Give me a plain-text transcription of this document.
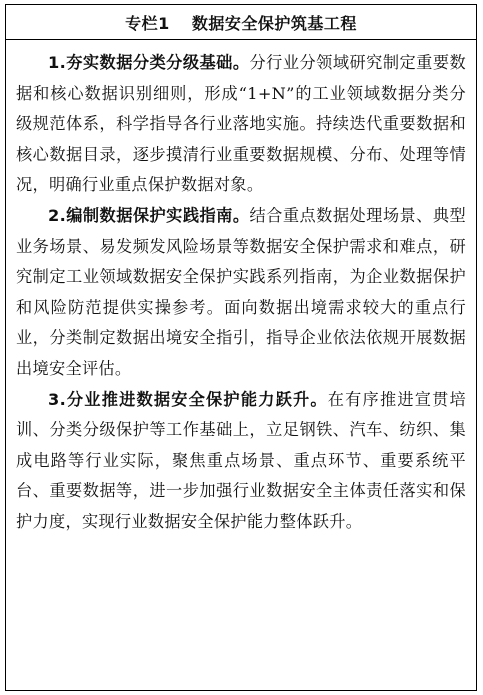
专栏1 数据安全保护筑基工程

1.夯实数据分类分级基础。分行业分领域研究制定重要数据和核心数据识别细则，形成“1+N”的工业领域数据分类分级规范体系，科学指导各行业落地实施。持续迭代重要数据和核心数据目录，逐步摸清行业重要数据规模、分布、处理等情况，明确行业重点保护数据对象。

2.编制数据保护实践指南。结合重点数据处理场景、典型业务场景、易发频发风险场景等数据安全保护需求和难点，研究制定工业领域数据安全保护实践系列指南，为企业数据保护和风险防范提供实操参考。面向数据出境需求较大的重点行业，分类制定数据出境安全指引，指导企业依法依规开展数据出境安全评估。

3.分业推进数据安全保护能力跃升。在有序推进宣贯培训、分类分级保护等工作基础上，立足钢铁、汽车、纺织、集成电路等行业实际，聚焦重点场景、重点环节、重要系统平台、重要数据等，进一步加强行业数据安全主体责任落实和保护力度，实现行业数据安全保护能力整体跃升。
